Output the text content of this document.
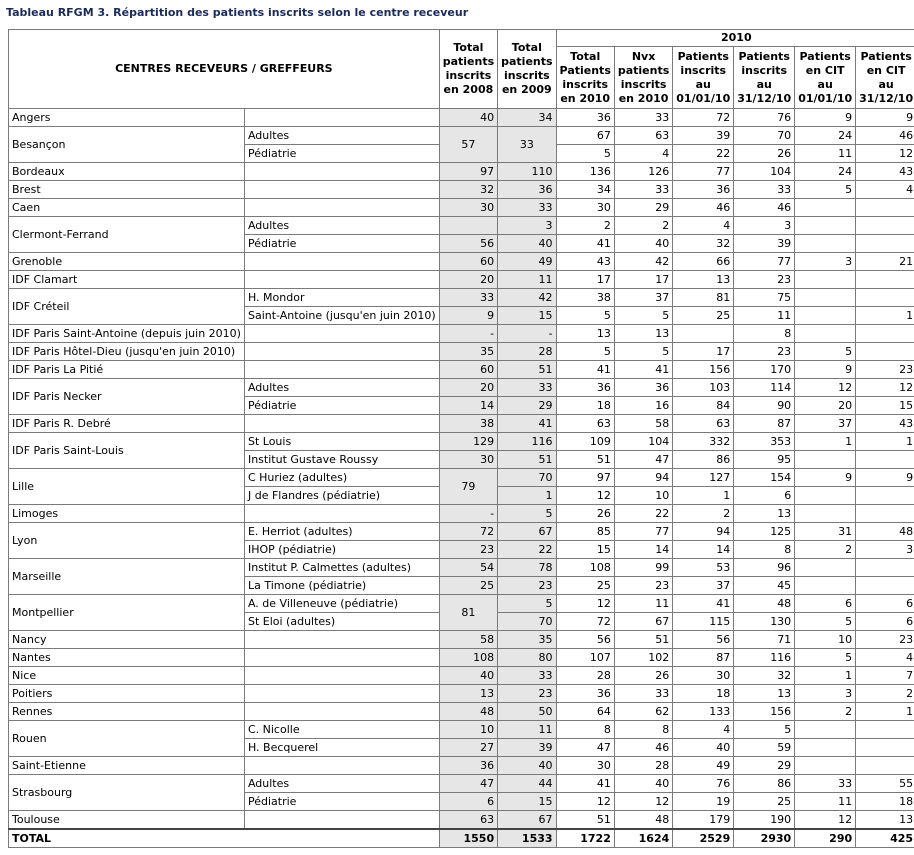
Tableau RFGM 3. Répartition des patients inscrits selon le centre receveur
CENTRES RECEVEURS / GREFFEURS		Total patients inscrits en 2008	Total patients inscrits en 2009	2010					
				Total Patients inscrits en 2010	Nvx patients inscrits en 2010	Patients inscrits au 01/01/10	Patients inscrits au 31/12/10	Patients en CIT au 01/01/10	Patients en CIT au 31/12/10
Angers		40	34	36	33	72	76	9	9
Besançon	Adultes	57	33	67	63	39	70	24	46
	Pédiatrie			5	4	22	26	11	12
Bordeaux		97	110	136	126	77	104	24	43
Brest		32	36	34	33	36	33	5	4
Caen		30	33	30	29	46	46		
Clermont-Ferrand	Adultes		3	2	2	4	3		
	Pédiatrie	56	40	41	40	32	39		
Grenoble		60	49	43	42	66	77	3	21
IDF Clamart		20	11	17	17	13	23		
IDF Créteil	H. Mondor	33	42	38	37	81	75		
	Saint-Antoine (jusqu'en juin 2010)	9	15	5	5	25	11		1
IDF Paris Saint-Antoine (depuis juin 2010)		-	-	13	13		8		
IDF Paris Hôtel-Dieu (jusqu'en juin 2010)		35	28	5	5	17	23	5	
IDF Paris La Pitié		60	51	41	41	156	170	9	23
IDF Paris Necker	Adultes	20	33	36	36	103	114	12	12
	Pédiatrie	14	29	18	16	84	90	20	15
IDF Paris R. Debré		38	41	63	58	63	87	37	43
IDF Paris Saint-Louis	St Louis	129	116	109	104	332	353	1	1
	Institut Gustave Roussy	30	51	51	47	86	95		
Lille	C Huriez (adultes)	79	70	97	94	127	154	9	9
	J de Flandres (pédiatrie)		1	12	10	1	6		
Limoges		-	5	26	22	2	13		
Lyon	E. Herriot (adultes)	72	67	85	77	94	125	31	48
	IHOP (pédiatrie)	23	22	15	14	14	8	2	3
Marseille	Institut P. Calmettes (adultes)	54	78	108	99	53	96		
	La Timone (pédiatrie)	25	23	25	23	37	45		
Montpellier	A. de Villeneuve (pédiatrie)	81	5	12	11	41	48	6	6
	St Eloi (adultes)		70	72	67	115	130	5	6
Nancy		58	35	56	51	56	71	10	23
Nantes		108	80	107	102	87	116	5	4
Nice		40	33	28	26	30	32	1	7
Poitiers		13	23	36	33	18	13	3	2
Rennes		48	50	64	62	133	156	2	1
Rouen	C. Nicolle	10	11	8	8	4	5		
	H. Becquerel	27	39	47	46	40	59		
Saint-Etienne		36	40	30	28	49	29		
Strasbourg	Adultes	47	44	41	40	76	86	33	55
	Pédiatrie	6	15	12	12	19	25	11	18
Toulouse		63	67	51	48	179	190	12	13
TOTAL		1550	1533	1722	1624	2529	2930	290	425
